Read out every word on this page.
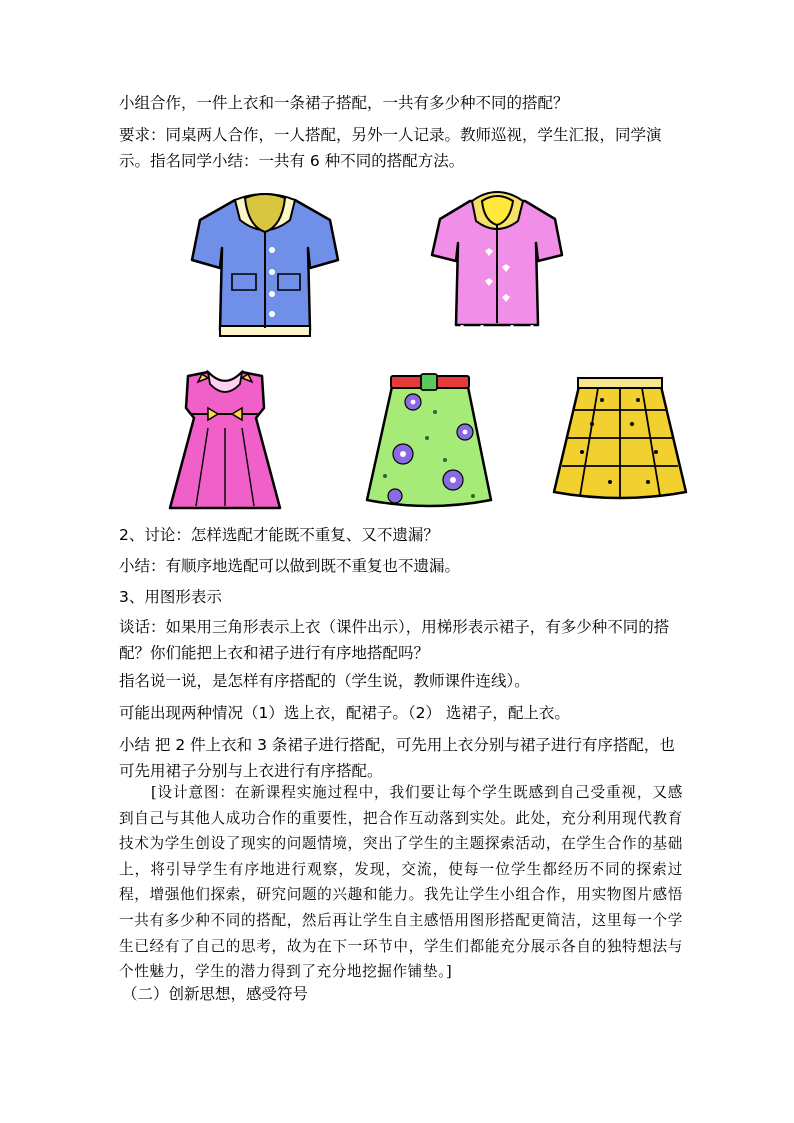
小组合作，一件上衣和一条裙子搭配，一共有多少种不同的搭配？
要求：同桌两人合作，一人搭配，另外一人记录。教师巡视，学生汇报，同学演示。指名同学小结：一共有 6 种不同的搭配方法。
2、讨论：怎样选配才能既不重复、又不遗漏？
小结：有顺序地选配可以做到既不重复也不遗漏。
3、用图形表示
谈话：如果用三角形表示上衣（课件出示），用梯形表示裙子，有多少种不同的搭配？你们能把上衣和裙子进行有序地搭配吗？
指名说一说，是怎样有序搭配的（学生说，教师课件连线）。
可能出现两种情况（1）选上衣，配裙子。（2） 选裙子，配上衣。
小结 把 2 件上衣和 3 条裙子进行搭配，可先用上衣分别与裙子进行有序搭配，也可先用裙子分别与上衣进行有序搭配。
[设计意图：在新课程实施过程中，我们要让每个学生既感到自己受重视，又感到自己与其他人成功合作的重要性，把合作互动落到实处。此处，充分利用现代教育技术为学生创设了现实的问题情境，突出了学生的主题探索活动，在学生合作的基础上，将引导学生有序地进行观察，发现，交流，使每一位学生都经历不同的探索过程，增强他们探索，研究问题的兴趣和能力。我先让学生小组合作，用实物图片感悟一共有多少种不同的搭配，然后再让学生自主感悟用图形搭配更简洁，这里每一个学生已经有了自己的思考，故为在下一环节中，学生们都能充分展示各自的独特想法与个性魅力，学生的潜力得到了充分地挖掘作铺垫。]
（二）创新思想，感受符号
